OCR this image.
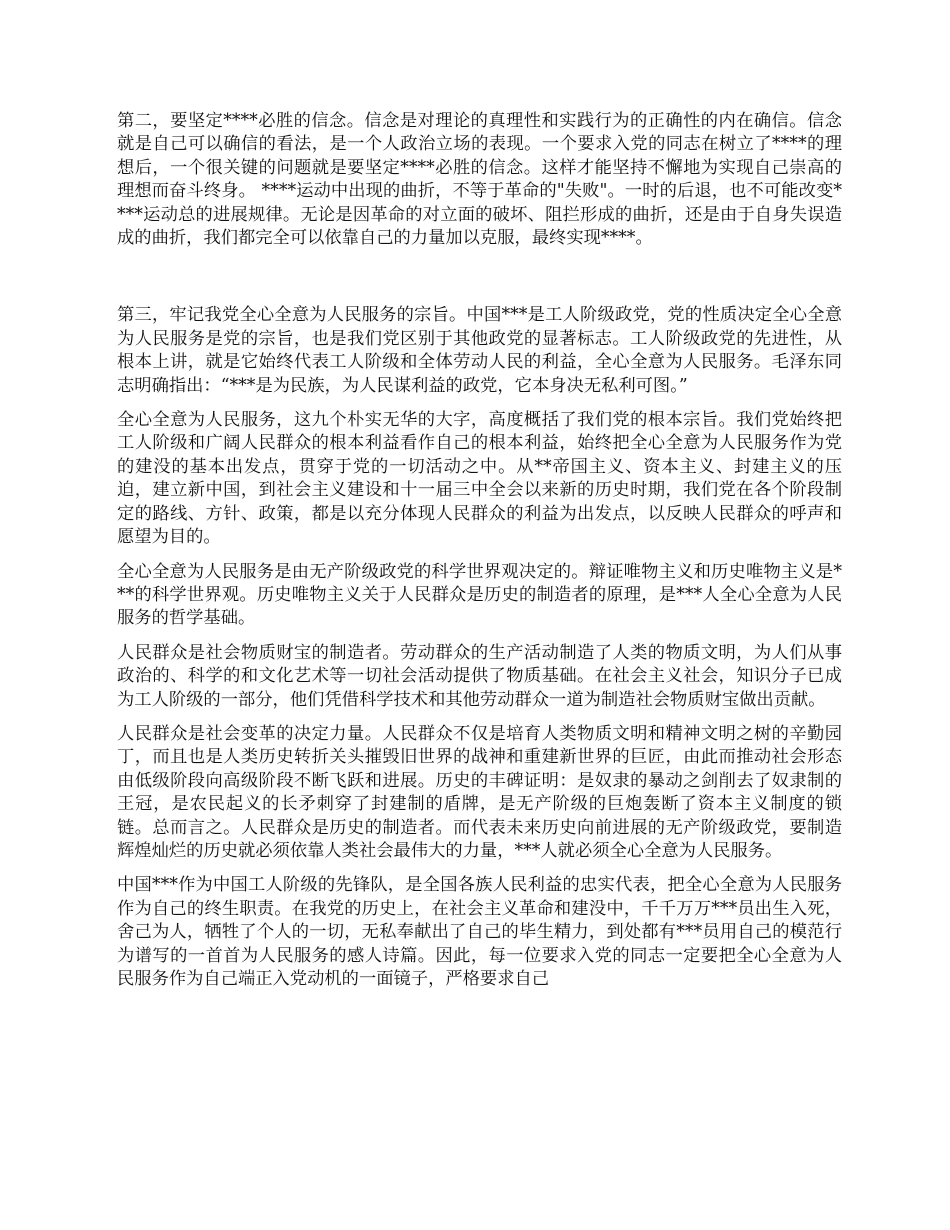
第二，要坚定****必胜的信念。信念是对理论的真理性和实践行为的正确性的内在确信。信念就是自己可以确信的看法，是一个人政治立场的表现。一个要求入党的同志在树立了****的理想后，一个很关键的问题就是要坚定****必胜的信念。这样才能坚持不懈地为实现自己崇高的理想而奋斗终身。 ****运动中出现的曲折，不等于革命的"失败"。一时的后退，也不可能改变****运动总的进展规律。无论是因革命的对立面的破坏、阻拦形成的曲折，还是由于自身失误造成的曲折，我们都完全可以依靠自己的力量加以克服，最终实现****。

第三，牢记我党全心全意为人民服务的宗旨。中国***是工人阶级政党，党的性质决定全心全意为人民服务是党的宗旨，也是我们党区别于其他政党的显著标志。工人阶级政党的先进性，从根本上讲，就是它始终代表工人阶级和全体劳动人民的利益，全心全意为人民服务。毛泽东同志明确指出：“***是为民族，为人民谋利益的政党，它本身决无私利可图。”

全心全意为人民服务，这九个朴实无华的大字，高度概括了我们党的根本宗旨。我们党始终把工人阶级和广阔人民群众的根本利益看作自己的根本利益，始终把全心全意为人民服务作为党的建没的基本出发点，贯穿于党的一切活动之中。从**帝国主义、资本主义、封建主义的压迫，建立新中国，到社会主义建设和十一届三中全会以来新的历史时期，我们党在各个阶段制定的路线、方针、政策，都是以充分体现人民群众的利益为出发点，以反映人民群众的呼声和愿望为目的。

全心全意为人民服务是由无产阶级政党的科学世界观决定的。辩证唯物主义和历史唯物主义是***的科学世界观。历史唯物主义关于人民群众是历史的制造者的原理，是***人全心全意为人民服务的哲学基础。

人民群众是社会物质财宝的制造者。劳动群众的生产活动制造了人类的物质文明，为人们从事政治的、科学的和文化艺术等一切社会活动提供了物质基础。在社会主义社会，知识分子已成为工人阶级的一部分，他们凭借科学技术和其他劳动群众一道为制造社会物质财宝做出贡献。

人民群众是社会变革的决定力量。人民群众不仅是培育人类物质文明和精神文明之树的辛勤园丁，而且也是人类历史转折关头摧毁旧世界的战神和重建新世界的巨匠，由此而推动社会形态由低级阶段向高级阶段不断飞跃和进展。历史的丰碑证明：是奴隶的暴动之剑削去了奴隶制的王冠，是农民起义的长矛刺穿了封建制的盾牌，是无产阶级的巨炮轰断了资本主义制度的锁链。总而言之。人民群众是历史的制造者。而代表未来历史向前进展的无产阶级政党，要制造辉煌灿烂的历史就必须依靠人类社会最伟大的力量，***人就必须全心全意为人民服务。

中国***作为中国工人阶级的先锋队，是全国各族人民利益的忠实代表，把全心全意为人民服务作为自己的终生职责。在我党的历史上，在社会主义革命和建没中，千千万万***员出生入死，舍己为人，牺牲了个人的一切，无私奉献出了自己的毕生精力，到处都有***员用自己的模范行为谱写的一首首为人民服务的感人诗篇。因此，每一位要求入党的同志一定要把全心全意为人民服务作为自己端正入党动机的一面镜子，严格要求自己
